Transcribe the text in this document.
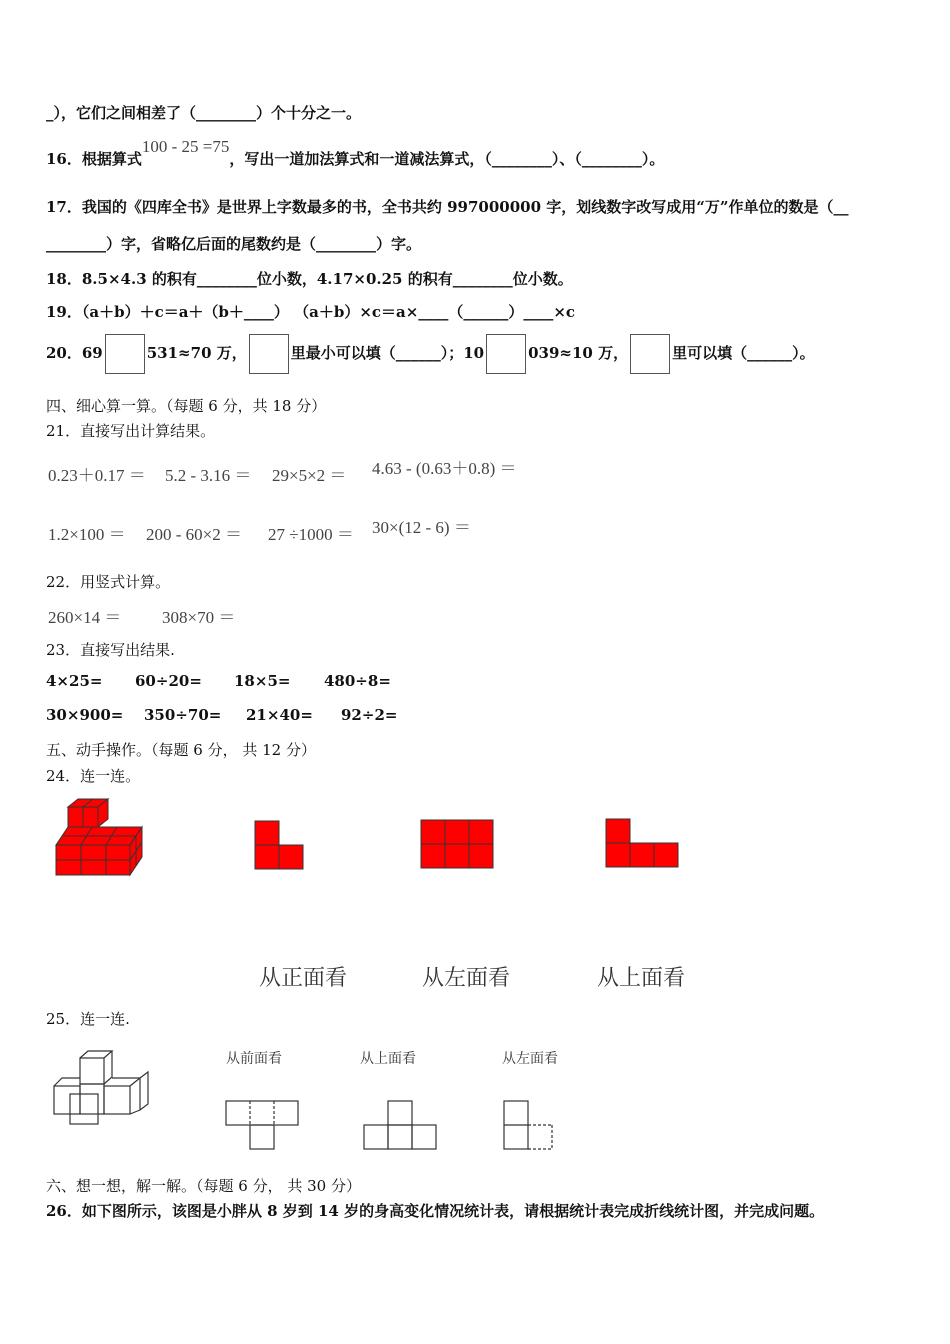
_），它们之间相差了（________）个十分之一。
16．根据算式100 - 25 =75，写出一道加法算式和一道减法算式，（________）、（________）。
17．我国的《四库全书》是世界上字数最多的书，全书共约 997000000 字，划线数字改写成用“万”作单位的数是（__
________）字，省略亿后面的尾数约是（________）字。
18．8.5×4.3 的积有________位小数，4.17×0.25 的积有________位小数。
19．（a＋b）＋c＝a＋（b＋____） （a＋b）×c＝a×____（______）____×c
20．69	531≈70 万，	里最小可以填（______）；10	039≈10 万，	里可以填（______）。
四、细心算一算。（每题 6 分，共 18 分）
21．直接写出计算结果。
0.23＋0.17 ＝ 5.2 - 3.16 ＝ 29×5×2 ＝ 4.63 - (0.63＋0.8) ＝
1.2×100 ＝ 200 - 60×2 ＝ 27 ÷1000 ＝ 30×(12 - 6) ＝
22．用竖式计算。
260×14 ＝ 308×70 ＝
23．直接写出结果.
4×25= 60÷20= 18×5= 480÷8=
30×900= 350÷70= 21×40= 92÷2=
五、动手操作。（每题 6 分， 共 12 分）
24．连一连。
从正面看	从左面看	从上面看
25．连一连.
从前面看	从上面看	从左面看
六、想一想，解一解。（每题 6 分， 共 30 分）
26．如下图所示，该图是小胖从 8 岁到 14 岁的身高变化情况统计表，请根据统计表完成折线统计图，并完成问题。
